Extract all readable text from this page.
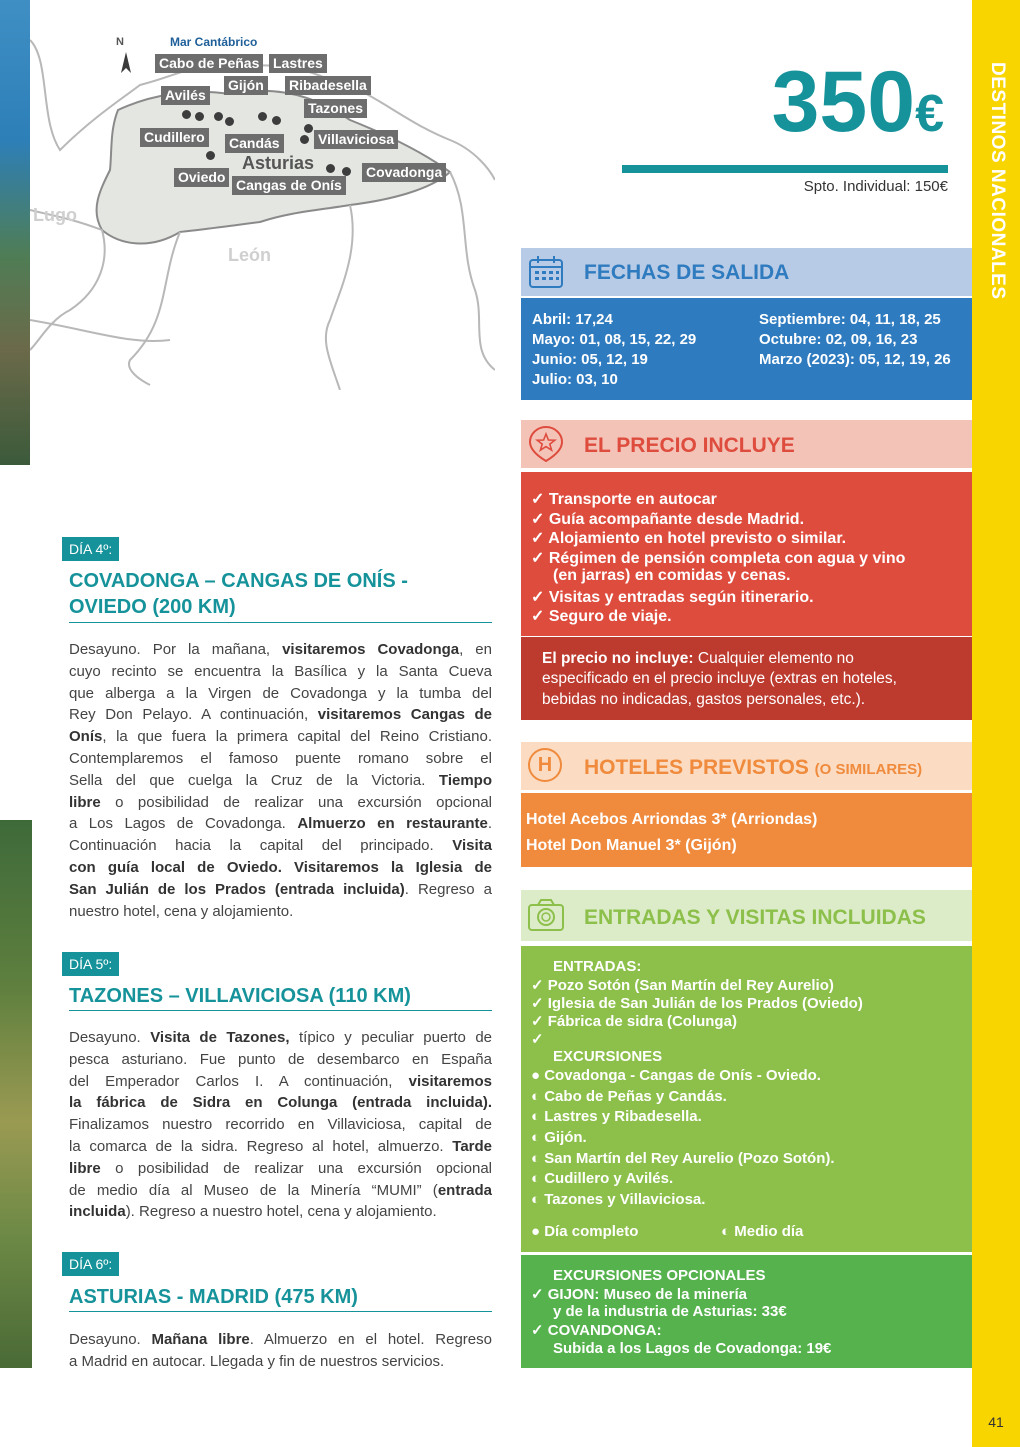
DESTINOS NACIONALES
41
N	Mar Cantábrico
Lugo
León
Asturias
Cabo de Peñas Lastres
Avilés
Gijón Ribadesella
Tazones
Cudillero Candás	Villaviciosa
Oviedo Cangas de Onís
Covadonga
350€
Spto. Individual: 150€
FECHAS DE SALIDA
Abril: 17,24
Mayo: 01, 08, 15, 22, 29
Junio: 05, 12, 19
Julio: 03, 10
Septiembre: 04, 11, 18, 25
Octubre: 02, 09, 16, 23
Marzo (2023): 05, 12, 19, 26
EL PRECIO INCLUYE
✓ Transporte en autocar
✓ Guía acompañante desde Madrid.
✓ Alojamiento en hotel previsto o similar.
✓ Régimen de pensión completa con agua y vino
(en jarras) en comidas y cenas.
✓ Visitas y entradas según itinerario.
✓ Seguro de viaje.
El precio no incluye: Cualquier elemento no
especificado en el precio incluye (extras en hoteles,
bebidas no indicadas, gastos personales, etc.).
H	HOTELES PREVISTOS (O SIMILARES)
Hotel Acebos Arriondas 3* (Arriondas)
Hotel Don Manuel 3* (Gijón)
ENTRADAS Y VISITAS INCLUIDAS
ENTRADAS:
✓ Pozo Sotón (San Martín del Rey Aurelio)
✓ Iglesia de San Julián de los Prados (Oviedo)
✓ Fábrica de sidra (Colunga)
✓
EXCURSIONES
● Covadonga - Cangas de Onís - Oviedo.
◐ Cabo de Peñas y Candás.
◐ Lastres y Ribadesella.
◐ Gijón.
◐ San Martín del Rey Aurelio (Pozo Sotón).
◐ Cudillero y Avilés.
◐ Tazones y Villaviciosa.
● Día completo	◐ Medio día
EXCURSIONES OPCIONALES
✓ GIJON: Museo de la minería
y de la industria de Asturias: 33€
✓ COVANDONGA:
Subida a los Lagos de Covadonga: 19€
DÍA 4º:
COVADONGA – CANGAS DE ONÍS -
OVIEDO (200 KM)
Desayuno. Por la mañana, visitaremos Covadonga, en
cuyo recinto se encuentra la Basílica y la Santa Cueva
que alberga a la Virgen de Covadonga y la tumba del
Rey Don Pelayo. A continuación, visitaremos Cangas de
Onís, la que fuera la primera capital del Reino Cristiano.
Contemplaremos el famoso puente romano sobre el
Sella del que cuelga la Cruz de la Victoria. Tiempo
libre o posibilidad de realizar una excursión opcional
a Los Lagos de Covadonga. Almuerzo en restaurante.
Continuación hacia la capital del principado. Visita
con guía local de Oviedo. Visitaremos la Iglesia de
San Julián de los Prados (entrada incluida). Regreso a
nuestro hotel, cena y alojamiento.
DÍA 5º:
TAZONES – VILLAVICIOSA (110 KM)
Desayuno. Visita de Tazones, típico y peculiar puerto de
pesca asturiano. Fue punto de desembarco en España
del Emperador Carlos I. A continuación, visitaremos
la fábrica de Sidra en Colunga (entrada incluida).
Finalizamos nuestro recorrido en Villaviciosa, capital de
la comarca de la sidra. Regreso al hotel, almuerzo. Tarde
libre o posibilidad de realizar una excursión opcional
de medio día al Museo de la Minería “MUMI” (entrada
incluida). Regreso a nuestro hotel, cena y alojamiento.
DÍA 6º:
ASTURIAS - MADRID (475 KM)
Desayuno. Mañana libre. Almuerzo en el hotel. Regreso
a Madrid en autocar. Llegada y fin de nuestros servicios.
